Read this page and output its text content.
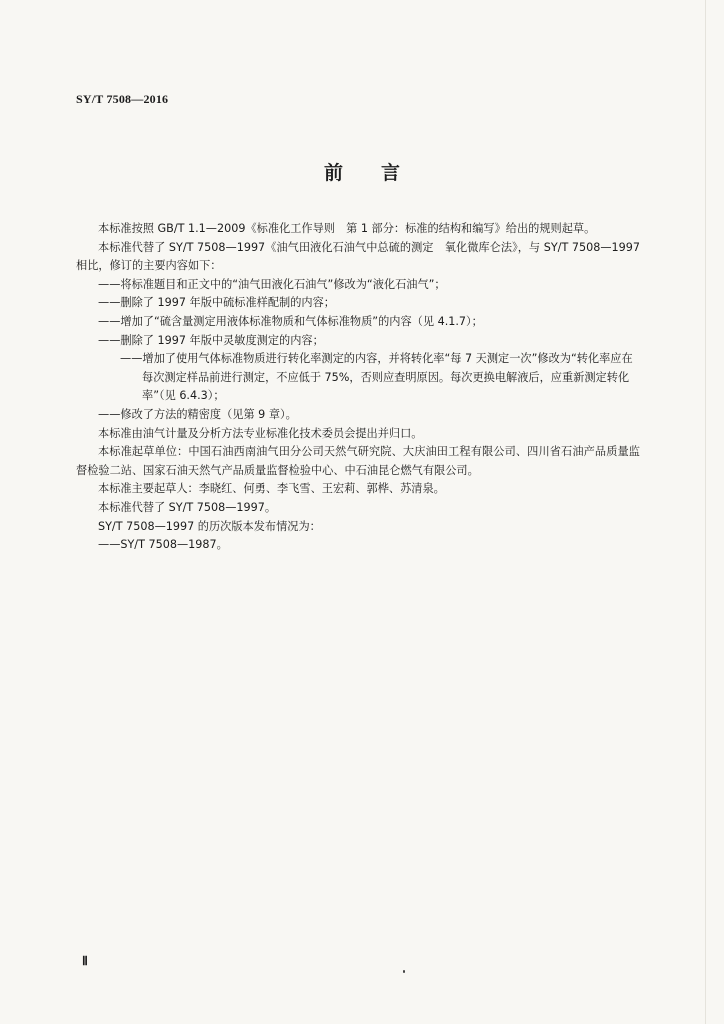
SY/T 7508—2016
前言

本标准按照 GB/T 1.1—2009《标准化工作导则　第 1 部分：标准的结构和编写》给出的规则起草。

本标准代替了 SY/T 7508—1997《油气田液化石油气中总硫的测定　氧化微库仑法》，与 SY/T 7508—1997 相比，修订的主要内容如下：

——将标准题目和正文中的“油气田液化石油气”修改为“液化石油气”；

——删除了 1997 年版中硫标准样配制的内容；

——增加了“硫含量测定用液体标准物质和气体标准物质”的内容（见 4.1.7）；

——删除了 1997 年版中灵敏度测定的内容；

——增加了使用气体标准物质进行转化率测定的内容，并将转化率“每 7 天测定一次”修改为“转化率应在每次测定样品前进行测定，不应低于 75%，否则应查明原因。每次更换电解液后，应重新测定转化率”（见 6.4.3）；

——修改了方法的精密度（见第 9 章）。

本标准由油气计量及分析方法专业标准化技术委员会提出并归口。

本标准起草单位：中国石油西南油气田分公司天然气研究院、大庆油田工程有限公司、四川省石油产品质量监督检验二站、国家石油天然气产品质量监督检验中心、中石油昆仑燃气有限公司。

本标准主要起草人：李晓红、何勇、李飞雪、王宏莉、郭桦、苏清泉。

本标准代替了 SY/T 7508—1997。

SY/T 7508—1997 的历次版本发布情况为：

——SY/T 7508—1987。

Ⅱ
